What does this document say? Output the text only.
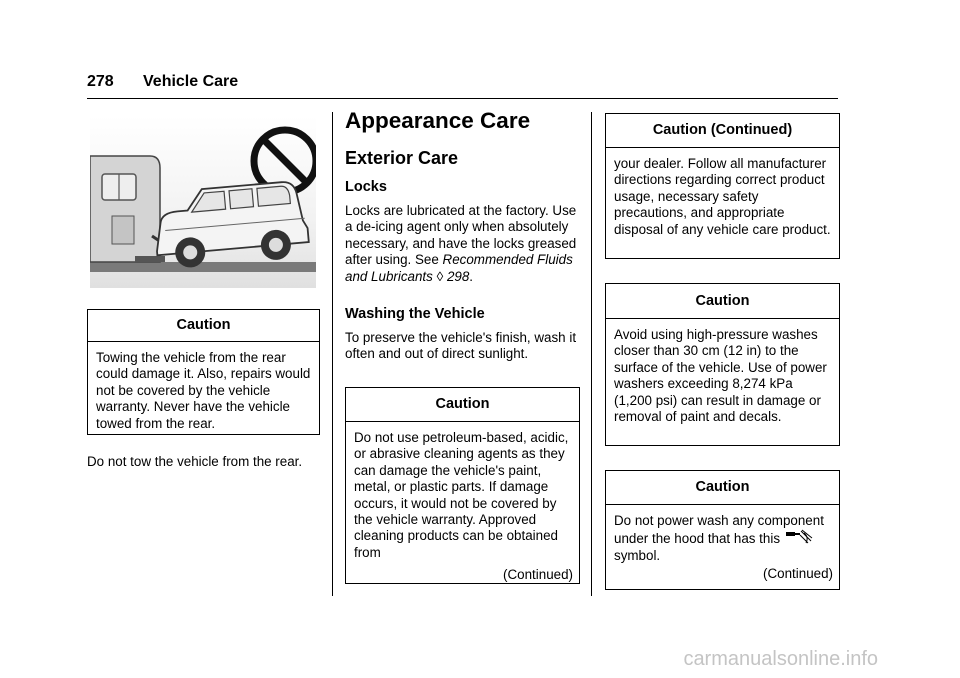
278 Vehicle Care
Caution
Towing the vehicle from the rear could damage it. Also, repairs would not be covered by the vehicle warranty. Never have the vehicle towed from the rear.

Do not tow the vehicle from the rear.

Appearance Care
Exterior Care
Locks

Locks are lubricated at the factory. Use a de-icing agent only when absolutely necessary, and have the locks greased after using. See Recommended Fluids and Lubricants ◊ 298.

Washing the Vehicle

To preserve the vehicle's finish, wash it often and out of direct sunlight.

Caution
Do not use petroleum-based, acidic, or abrasive cleaning agents as they can damage the vehicle's paint, metal, or plastic parts. If damage occurs, it would not be covered by the vehicle warranty. Approved cleaning products can be obtained from
(Continued)
Caution (Continued)
your dealer. Follow all manufacturer directions regarding correct product usage, necessary safety precautions, and appropriate disposal of any vehicle care product.
Caution
Avoid using high-pressure washes closer than 30 cm (12 in) to the surface of the vehicle. Use of power washers exceeding 8,274 kPa (1,200 psi) can result in damage or removal of paint and decals.
Caution
Do not power wash any component under the hood that has this  symbol.
(Continued)
carmanualsonline.info
